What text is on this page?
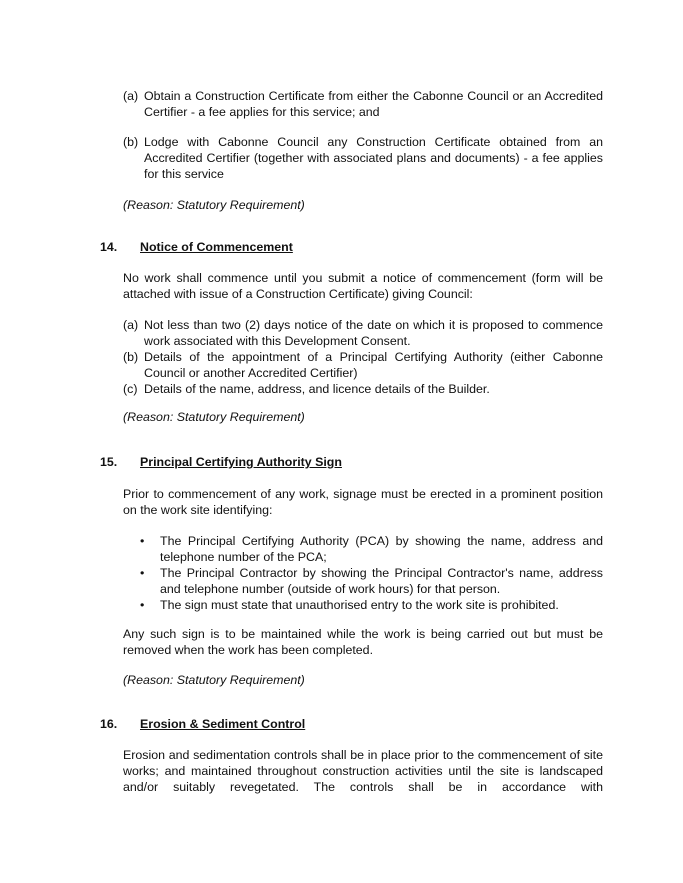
(a) Obtain a Construction Certificate from either the Cabonne Council or an Accredited Certifier - a fee applies for this service; and
(b) Lodge with Cabonne Council any Construction Certificate obtained from an Accredited Certifier (together with associated plans and documents) - a fee applies for this service
(Reason: Statutory Requirement)
14.	Notice of Commencement
No work shall commence until you submit a notice of commencement (form will be attached with issue of a Construction Certificate) giving Council:
(a) Not less than two (2) days notice of the date on which it is proposed to commence work associated with this Development Consent.
(b) Details of the appointment of a Principal Certifying Authority (either Cabonne Council or another Accredited Certifier)
(c) Details of the name, address, and licence details of the Builder.
(Reason: Statutory Requirement)
15.	Principal Certifying Authority Sign
Prior to commencement of any work, signage must be erected in a prominent position on the work site identifying:
•	The Principal Certifying Authority (PCA) by showing the name, address and telephone number of the PCA;
•	The Principal Contractor by showing the Principal Contractor's name, address and telephone number (outside of work hours) for that person.
•	The sign must state that unauthorised entry to the work site is prohibited.
Any such sign is to be maintained while the work is being carried out but must be removed when the work has been completed.
(Reason: Statutory Requirement)
16.	Erosion & Sediment Control
Erosion and sedimentation controls shall be in place prior to the commencement of site works; and maintained throughout construction activities until the site is landscaped and/or suitably revegetated. The controls shall be in accordance with
